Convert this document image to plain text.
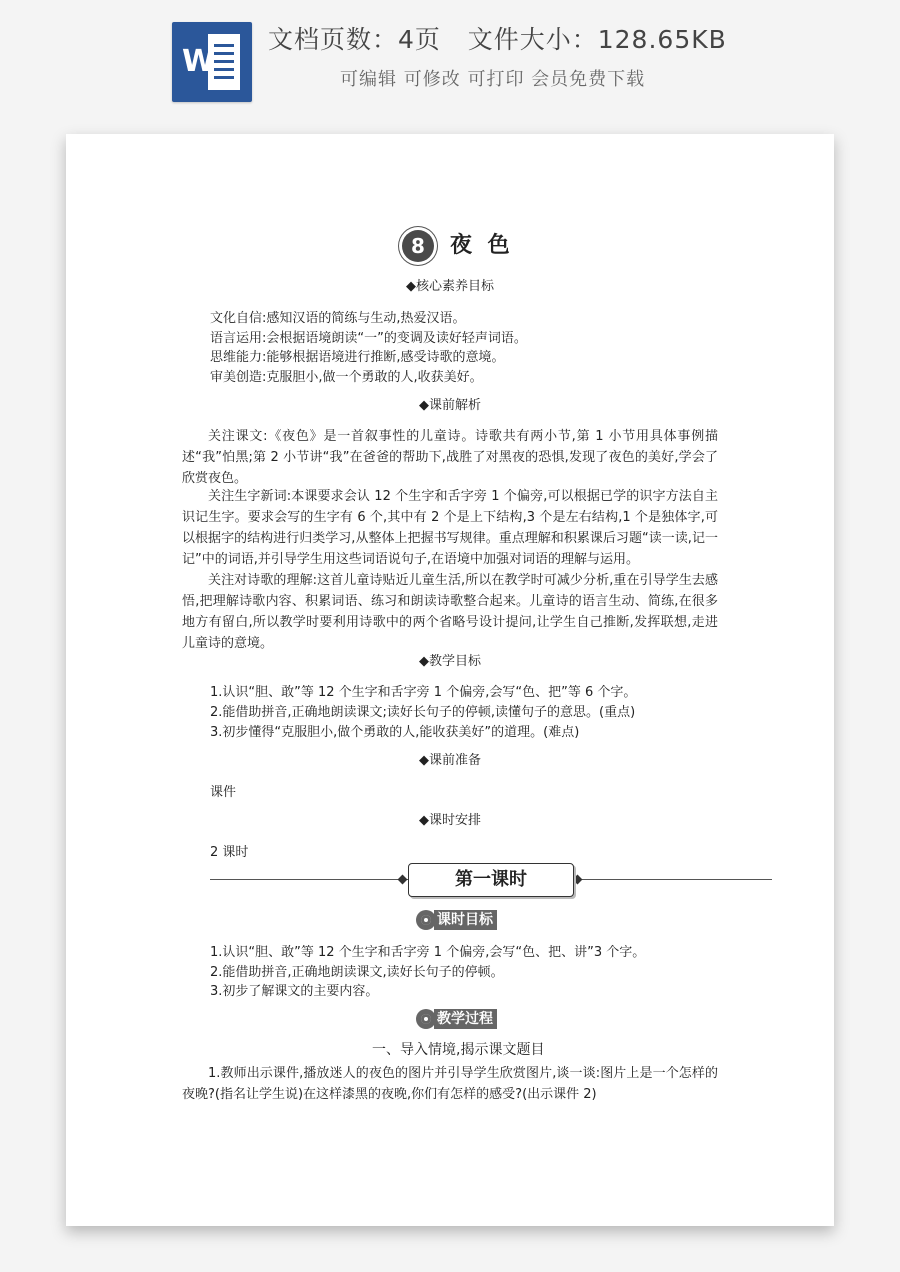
W
文档页数：4页   文件大小：128.65KB
可编辑 可修改 可打印 会员免费下载
8	夜 色
◆核心素养目标
文化自信:感知汉语的简练与生动,热爱汉语。
语言运用:会根据语境朗读“一”的变调及读好轻声词语。
思维能力:能够根据语境进行推断,感受诗歌的意境。
审美创造:克服胆小,做一个勇敢的人,收获美好。
◆课前解析
关注课文:《夜色》是一首叙事性的儿童诗。诗歌共有两小节,第 1 小节用具体事例描述“我”怕黑;第 2 小节讲“我”在爸爸的帮助下,战胜了对黑夜的恐惧,发现了夜色的美好,学会了欣赏夜色。
关注生字新词:本课要求会认 12 个生字和舌字旁 1 个偏旁,可以根据已学的识字方法自主识记生字。要求会写的生字有 6 个,其中有 2 个是上下结构,3 个是左右结构,1 个是独体字,可以根据字的结构进行归类学习,从整体上把握书写规律。重点理解和积累课后习题“读一读,记一记”中的词语,并引导学生用这些词语说句子,在语境中加强对词语的理解与运用。
关注对诗歌的理解:这首儿童诗贴近儿童生活,所以在教学时可减少分析,重在引导学生去感悟,把理解诗歌内容、积累词语、练习和朗读诗歌整合起来。儿童诗的语言生动、简练,在很多地方有留白,所以教学时要利用诗歌中的两个省略号设计提问,让学生自己推断,发挥联想,走进儿童诗的意境。
◆教学目标
1.认识“胆、敢”等 12 个生字和舌字旁 1 个偏旁,会写“色、把”等 6 个字。
2.能借助拼音,正确地朗读课文;读好长句子的停顿,读懂句子的意思。(重点)
3.初步懂得“克服胆小,做个勇敢的人,能收获美好”的道理。(难点)
◆课前准备
课件
◆课时安排
2 课时
第一课时
课时目标
1.认识“胆、敢”等 12 个生字和舌字旁 1 个偏旁,会写“色、把、讲”3 个字。
2.能借助拼音,正确地朗读课文,读好长句子的停顿。
3.初步了解课文的主要内容。
教学过程
一、导入情境,揭示课文题目
1.教师出示课件,播放迷人的夜色的图片并引导学生欣赏图片,谈一谈:图片上是一个怎样的夜晚?(指名让学生说)在这样漆黑的夜晚,你们有怎样的感受?(出示课件 2)
